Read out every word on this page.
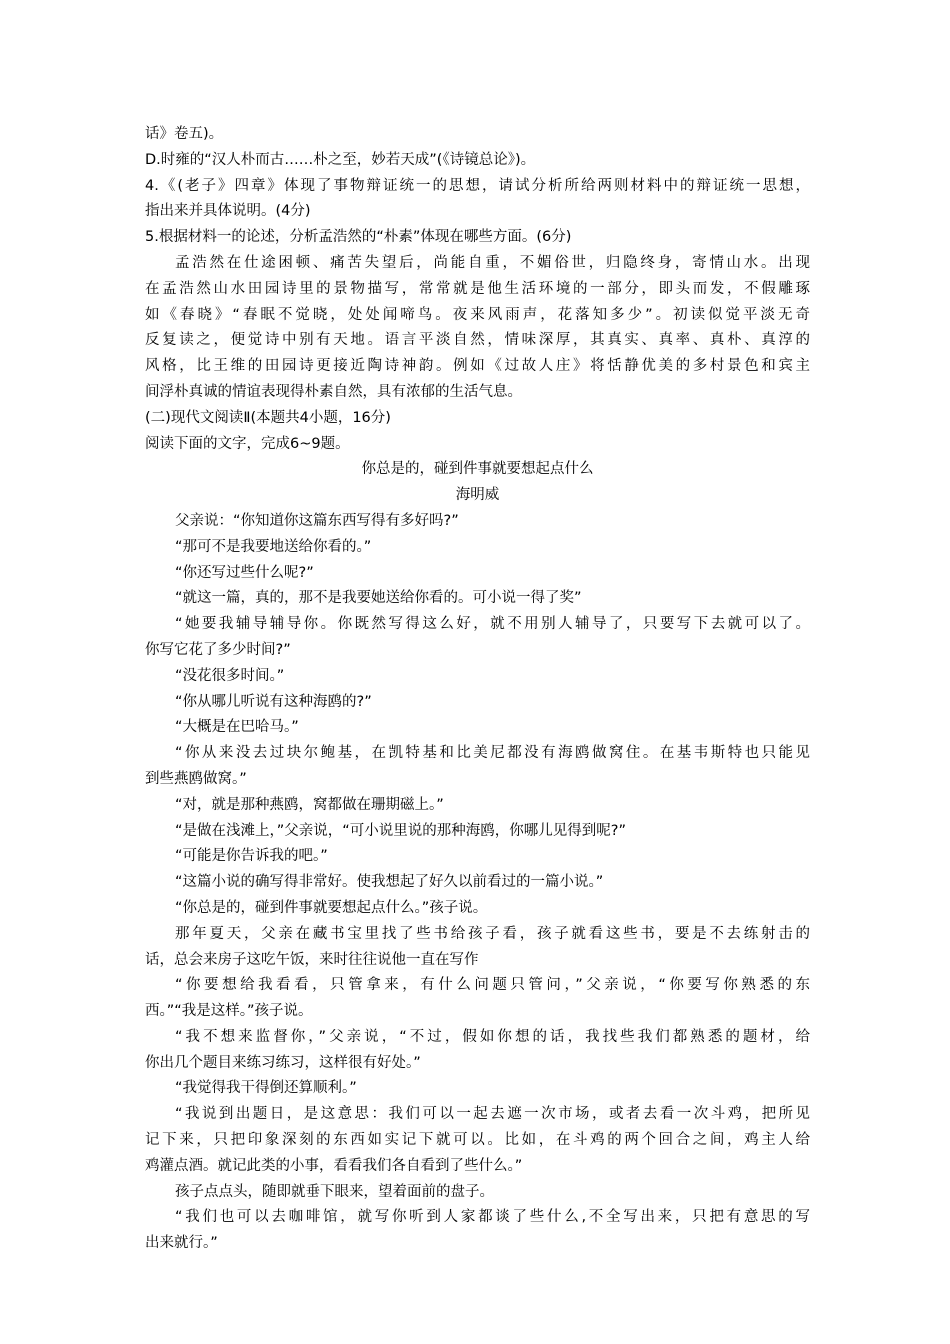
话》卷五)。
D.时雍的“汉人朴而古……朴之至，妙若天成”(《诗镜总论》)。
4.《(老子》四章》体现了事物辩证统一的思想，请试分析所给两则材料中的辩证统一思想，
指出来并具体说明。(4分)
5.根据材料一的论述，分析孟浩然的“朴素”体现在哪些方面。(6分)
孟浩然在仕途困顿、痛苦失望后，尚能自重，不媚俗世，归隐终身，寄情山水。出现
在孟浩然山水田园诗里的景物描写，常常就是他生活环境的一部分，即头而发，不假雕琢
如《春晓》“春眠不觉晓，处处闻啼鸟。夜来风雨声，花落知多少”。初读似觉平淡无奇
反复读之，便觉诗中别有天地。语言平淡自然，情味深厚，其真实、真率、真朴、真淳的
风格，比王维的田园诗更接近陶诗神韵。例如《过故人庄》将恬静优美的多村景色和宾主
间浮朴真诚的情谊表现得朴素自然，具有浓郁的生活气息。
(二)现代文阅读Ⅱ(本题共4小题，16分)
阅读下面的文字，完成6~9题。
你总是的，碰到件事就要想起点什么
海明威
父亲说：“你知道你这篇东西写得有多好吗?”
“那可不是我要地送给你看的。”
“你还写过些什么呢?”
“就这一篇，真的，那不是我要她送给你看的。可小说一得了奖”
“她要我辅导辅导你。你既然写得这么好，就不用别人辅导了，只要写下去就可以了。
你写它花了多少时间?”
“没花很多时间。”
“你从哪儿听说有这种海鸥的?”
“大概是在巴哈马。”
“你从来没去过块尔鲍基，在凯特基和比美尼都没有海鸥做窝住。在基韦斯特也只能见
到些燕鸥做窝。”
“对，就是那种燕鸥，窝都做在珊期磁上。”
“是做在浅滩上，”父亲说，“可小说里说的那种海鸥，你哪儿见得到呢?”
“可能是你告诉我的吧。”
“这篇小说的确写得非常好。使我想起了好久以前看过的一篇小说。”
“你总是的，碰到件事就要想起点什么。”孩子说。
那年夏天，父亲在藏书宝里找了些书给孩子看，孩子就看这些书，要是不去练射击的
话，总会来房子这吃午饭，来时往往说他一直在写作
“你要想给我看看，只管拿来，有什么问题只管问，”父亲说，“你要写你熟悉的东
西。”“我是这样。”孩子说。
“我不想来监督你，”父亲说，“不过，假如你想的话，我找些我们都熟悉的题材，给
你出几个题目来练习练习，这样很有好处。”
“我觉得我干得倒还算顺利。”
“我说到出题日，是这意思：我们可以一起去遮一次市场，或者去看一次斗鸡，把所见
记下来，只把印象深刻的东西如实记下就可以。比如，在斗鸡的两个回合之间，鸡主人给
鸡灌点酒。就记此类的小事，看看我们各自看到了些什么。”
孩子点点头，随即就垂下眼来，望着面前的盘子。
“我们也可以去咖啡馆，就写你听到人家都谈了些什么,不全写出来，只把有意思的写
出来就行。”
